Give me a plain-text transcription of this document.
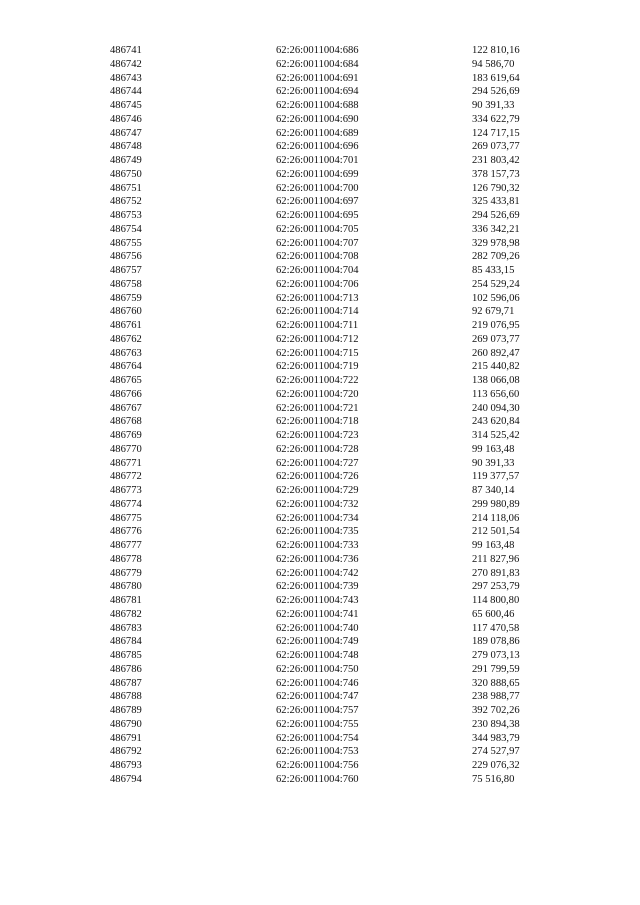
486741	62:26:0011004:686	122 810,16
486742	62:26:0011004:684	94 586,70
486743	62:26:0011004:691	183 619,64
486744	62:26:0011004:694	294 526,69
486745	62:26:0011004:688	90 391,33
486746	62:26:0011004:690	334 622,79
486747	62:26:0011004:689	124 717,15
486748	62:26:0011004:696	269 073,77
486749	62:26:0011004:701	231 803,42
486750	62:26:0011004:699	378 157,73
486751	62:26:0011004:700	126 790,32
486752	62:26:0011004:697	325 433,81
486753	62:26:0011004:695	294 526,69
486754	62:26:0011004:705	336 342,21
486755	62:26:0011004:707	329 978,98
486756	62:26:0011004:708	282 709,26
486757	62:26:0011004:704	85 433,15
486758	62:26:0011004:706	254 529,24
486759	62:26:0011004:713	102 596,06
486760	62:26:0011004:714	92 679,71
486761	62:26:0011004:711	219 076,95
486762	62:26:0011004:712	269 073,77
486763	62:26:0011004:715	260 892,47
486764	62:26:0011004:719	215 440,82
486765	62:26:0011004:722	138 066,08
486766	62:26:0011004:720	113 656,60
486767	62:26:0011004:721	240 094,30
486768	62:26:0011004:718	243 620,84
486769	62:26:0011004:723	314 525,42
486770	62:26:0011004:728	99 163,48
486771	62:26:0011004:727	90 391,33
486772	62:26:0011004:726	119 377,57
486773	62:26:0011004:729	87 340,14
486774	62:26:0011004:732	299 980,89
486775	62:26:0011004:734	214 118,06
486776	62:26:0011004:735	212 501,54
486777	62:26:0011004:733	99 163,48
486778	62:26:0011004:736	211 827,96
486779	62:26:0011004:742	270 891,83
486780	62:26:0011004:739	297 253,79
486781	62:26:0011004:743	114 800,80
486782	62:26:0011004:741	65 600,46
486783	62:26:0011004:740	117 470,58
486784	62:26:0011004:749	189 078,86
486785	62:26:0011004:748	279 073,13
486786	62:26:0011004:750	291 799,59
486787	62:26:0011004:746	320 888,65
486788	62:26:0011004:747	238 988,77
486789	62:26:0011004:757	392 702,26
486790	62:26:0011004:755	230 894,38
486791	62:26:0011004:754	344 983,79
486792	62:26:0011004:753	274 527,97
486793	62:26:0011004:756	229 076,32
486794	62:26:0011004:760	75 516,80
